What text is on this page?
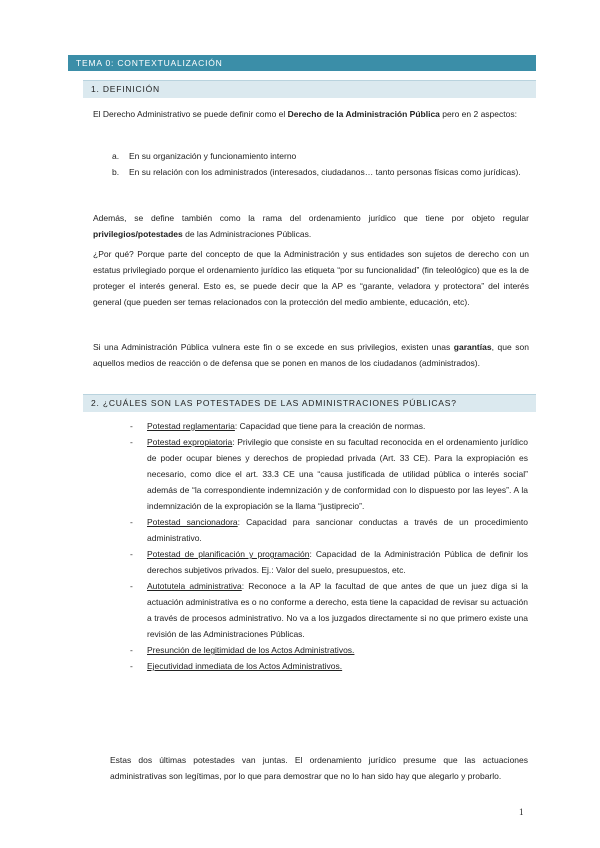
TEMA 0: CONTEXTUALIZACIÓN
1. DEFINICIÓN
El Derecho Administrativo se puede definir como el Derecho de la Administración Pública pero en 2 aspectos:
a.	En su organización y funcionamiento interno
b.	En su relación con los administrados (interesados, ciudadanos… tanto personas físicas como jurídicas).
Además, se define también como la rama del ordenamiento jurídico que tiene por objeto regular privilegios/potestades de las Administraciones Públicas.
¿Por qué? Porque parte del concepto de que la Administración y sus entidades son sujetos de derecho con un estatus privilegiado porque el ordenamiento jurídico las etiqueta “por su funcionalidad” (fin teleológico) que es la de proteger el interés general. Esto es, se puede decir que la AP es “garante, veladora y protectora” del interés general (que pueden ser temas relacionados con la protección del medio ambiente, educación, etc).
Si una Administración Pública vulnera este fin o se excede en sus privilegios, existen unas garantías, que son aquellos medios de reacción o de defensa que se ponen en manos de los ciudadanos (administrados).
2. ¿CUÁLES SON LAS POTESTADES DE LAS ADMINISTRACIONES PÚBLICAS?
-	Potestad reglamentaria: Capacidad que tiene para la creación de normas.
-	Potestad expropiatoria: Privilegio que consiste en su facultad reconocida en el ordenamiento jurídico de poder ocupar bienes y derechos de propiedad privada (Art. 33 CE). Para la expropiación es necesario, como dice el art. 33.3 CE una “causa justificada de utilidad pública o interés social” además de “la correspondiente indemnización y de conformidad con lo dispuesto por las leyes”. A la indemnización de la expropiación se la llama “justiprecio”.
-	Potestad sancionadora: Capacidad para sancionar conductas a través de un procedimiento administrativo.
-	Potestad de planificación y programación: Capacidad de la Administración Pública de definir los derechos subjetivos privados. Ej.: Valor del suelo, presupuestos, etc.
-	Autotutela administrativa: Reconoce a la AP la facultad de que antes de que un juez diga si la actuación administrativa es o no conforme a derecho, esta tiene la capacidad de revisar su actuación a través de procesos administrativo. No va a los juzgados directamente si no que primero existe una revisión de las Administraciones Públicas.
-	Presunción de legitimidad de los Actos Administrativos.
-	Ejecutividad inmediata de los Actos Administrativos.
Estas dos últimas potestades van juntas. El ordenamiento jurídico presume que las actuaciones administrativas son legítimas, por lo que para demostrar que no lo han sido hay que alegarlo y probarlo.
1
